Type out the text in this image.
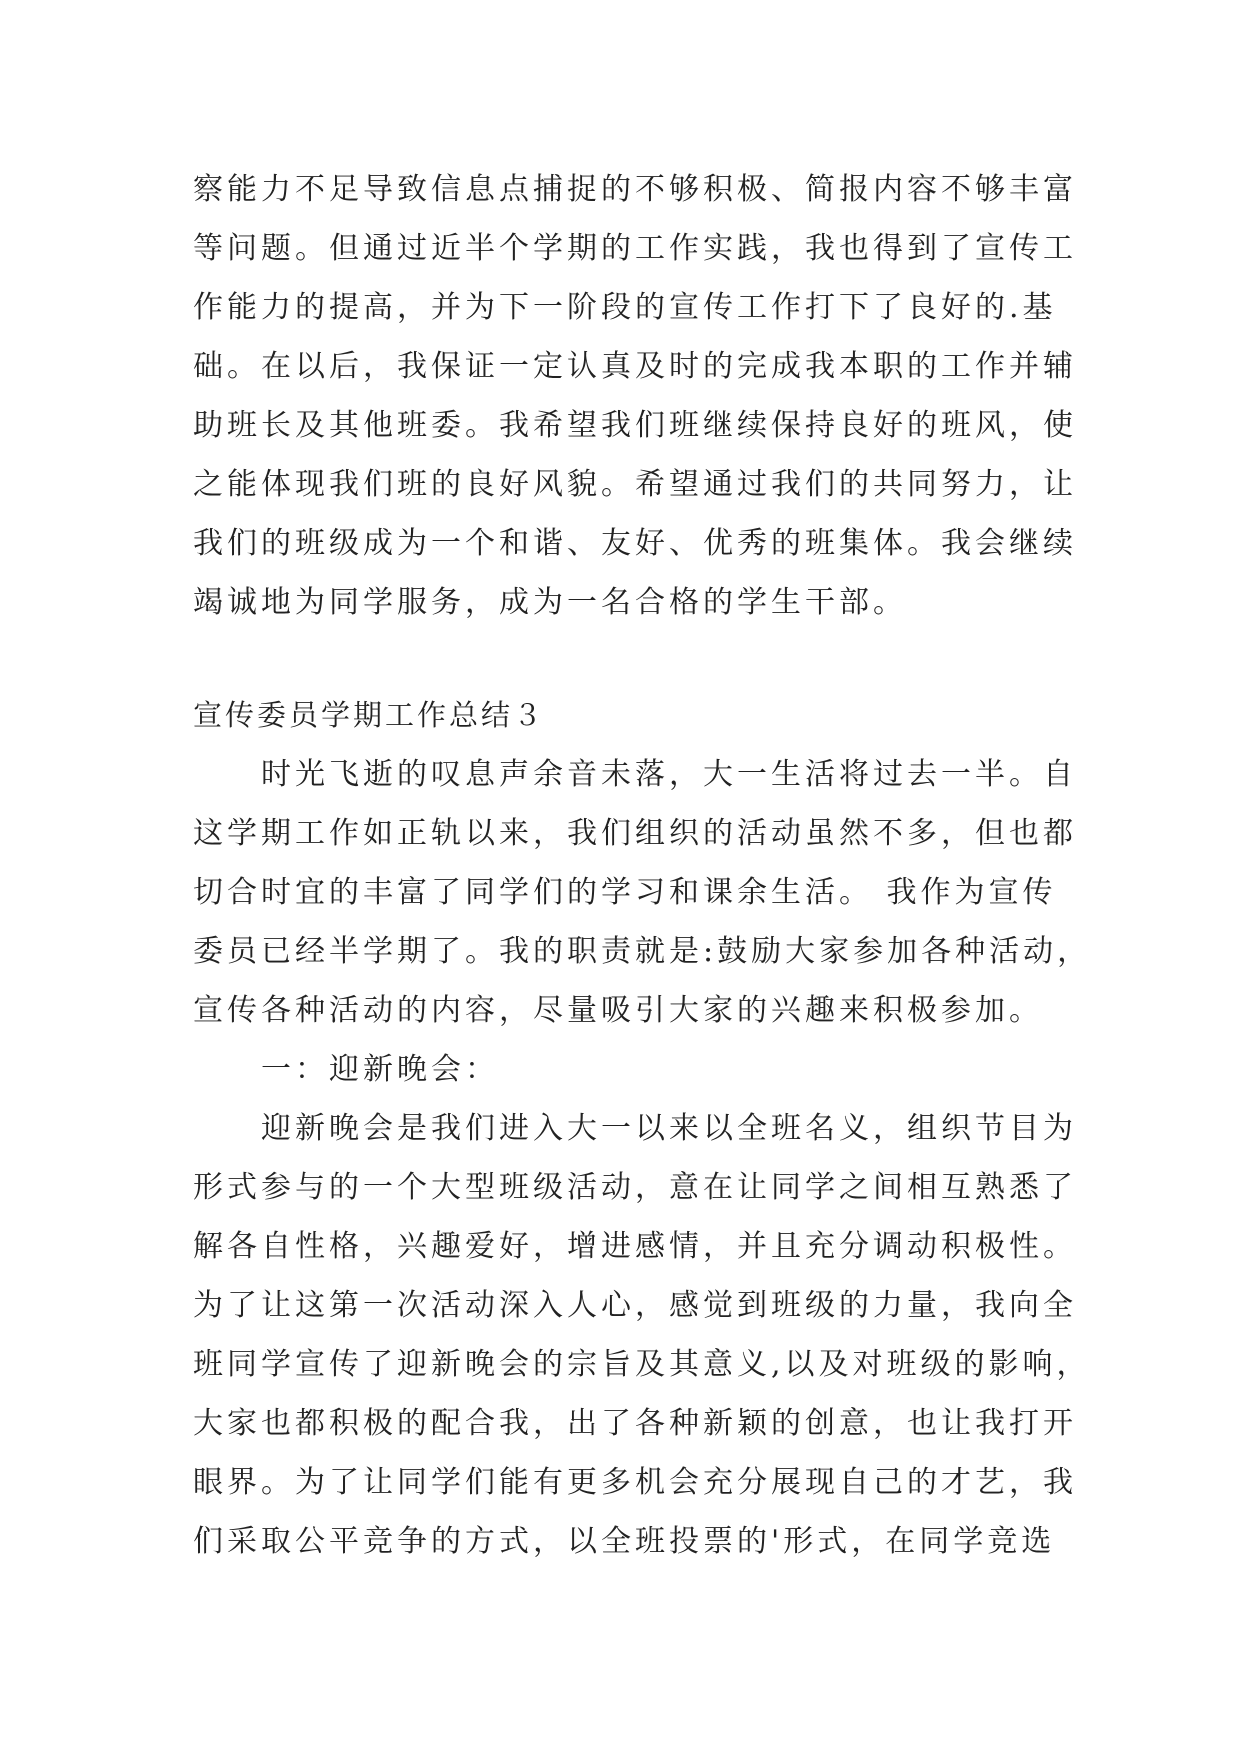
察能力不足导致信息点捕捉的不够积极、简报内容不够丰富
等问题。但通过近半个学期的工作实践，我也得到了宣传工
作能力的提高，并为下一阶段的宣传工作打下了良好的.基
础。在以后，我保证一定认真及时的完成我本职的工作并辅
助班长及其他班委。我希望我们班继续保持良好的班风，使
之能体现我们班的良好风貌。希望通过我们的共同努力，让
我们的班级成为一个和谐、友好、优秀的班集体。我会继续
竭诚地为同学服务，成为一名合格的学生干部。
宣传委员学期工作总结３
时光飞逝的叹息声余音未落，大一生活将过去一半。自
这学期工作如正轨以来，我们组织的活动虽然不多，但也都
切合时宜的丰富了同学们的学习和课余生活。 我作为宣传
委员已经半学期了。我的职责就是:鼓励大家参加各种活动，
宣传各种活动的内容，尽量吸引大家的兴趣来积极参加。
一：迎新晚会：
迎新晚会是我们进入大一以来以全班名义，组织节目为
形式参与的一个大型班级活动，意在让同学之间相互熟悉了
解各自性格，兴趣爱好，增进感情，并且充分调动积极性。
为了让这第一次活动深入人心，感觉到班级的力量，我向全
班同学宣传了迎新晚会的宗旨及其意义,以及对班级的影响，
大家也都积极的配合我，出了各种新颖的创意，也让我打开
眼界。为了让同学们能有更多机会充分展现自己的才艺，我
们采取公平竞争的方式，以全班投票的'形式，在同学竞选
